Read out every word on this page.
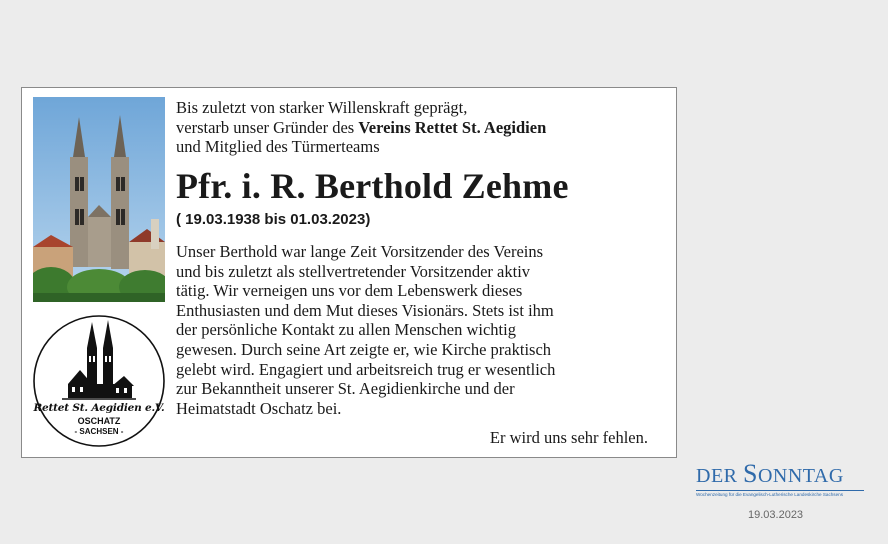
Rettet St. Aegidien e.V.
OSCHATZ
- SACHSEN -
Bis zuletzt von starker Willenskraft geprägt,
verstarb unser Gründer des Vereins Rettet St. Aegidien
und Mitglied des Türmerteams
Pfr. i. R. Berthold Zehme
( 19.03.1938 bis 01.03.2023)
Unser Berthold war lange Zeit Vorsitzender des Vereins
und bis zuletzt als stellvertretender Vorsitzender aktiv
tätig. Wir verneigen uns vor dem Lebenswerk dieses
Enthusiasten und dem Mut dieses Visionärs. Stets ist ihm
der persönliche Kontakt zu allen Menschen wichtig
gewesen. Durch seine Art zeigte er, wie Kirche praktisch
gelebt wird. Engagiert und arbeitsreich trug er wesentlich
zur Bekanntheit unserer St. Aegidienkirche und der
Heimatstadt Oschatz bei.
Er wird uns sehr fehlen.
DER SONNTAG
Wochenzeitung für die Evangelisch-Lutherische Landeskirche Sachsens
19.03.2023
